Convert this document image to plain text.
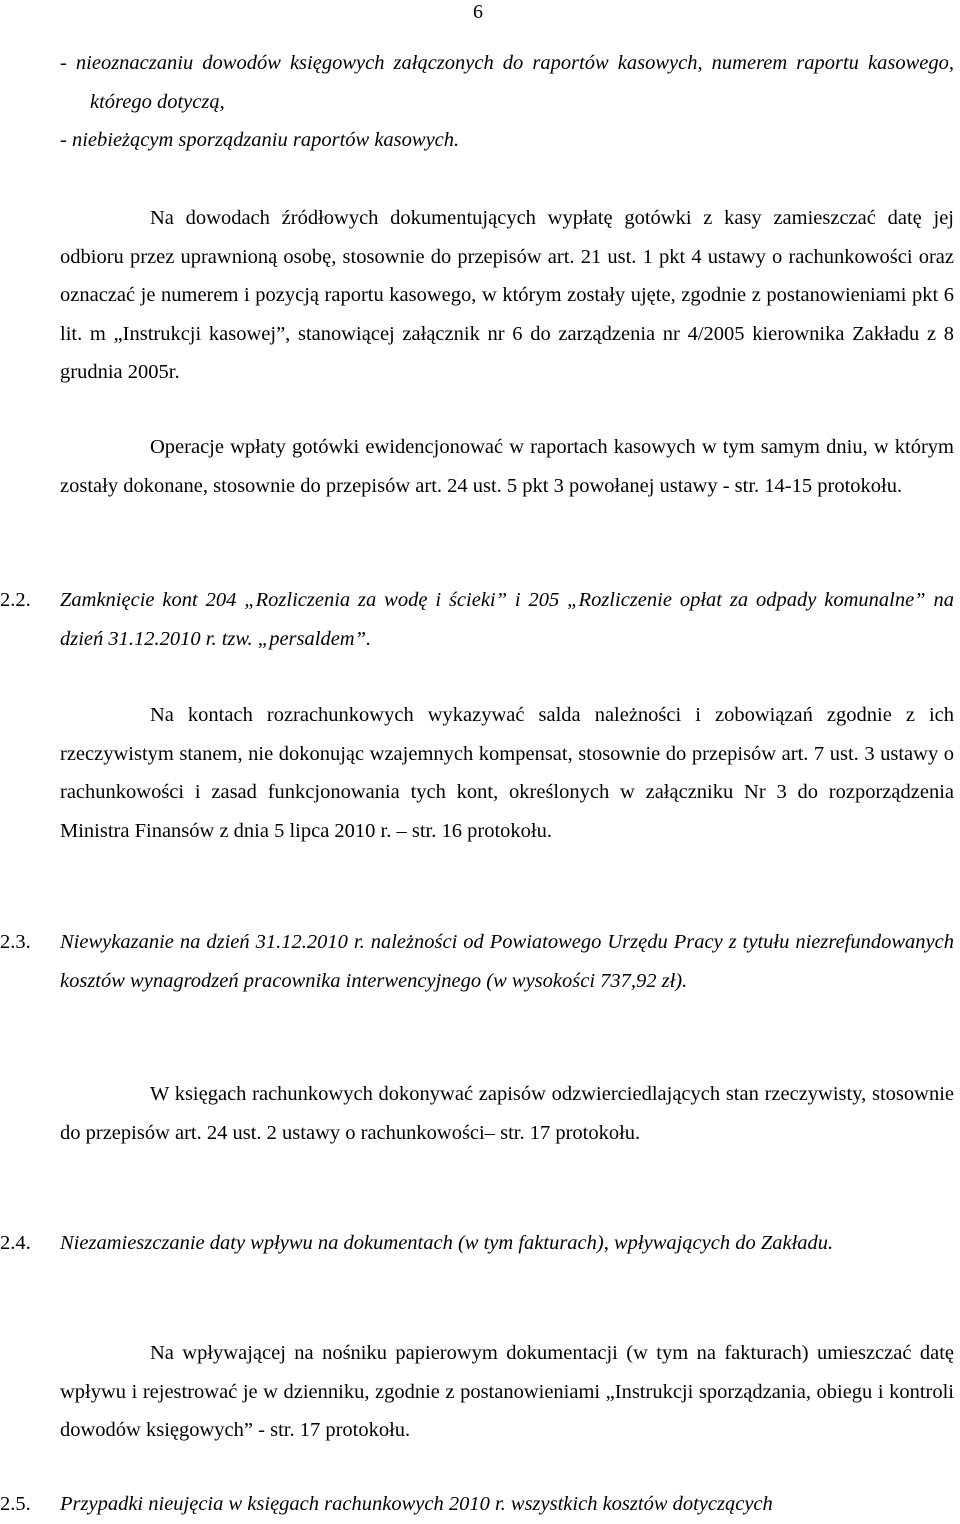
6
- nieoznaczaniu dowodów księgowych załączonych do raportów kasowych, numerem raportu kasowego, którego dotyczą,
- niebieżącym sporządzaniu raportów kasowych.

Na dowodach źródłowych dokumentujących wypłatę gotówki z kasy zamieszczać datę jej odbioru przez uprawnioną osobę, stosownie do przepisów art. 21 ust. 1 pkt 4 ustawy o rachunkowości oraz oznaczać je numerem i pozycją raportu kasowego, w którym zostały ujęte, zgodnie z postanowieniami pkt 6 lit. m „Instrukcji kasowej”, stanowiącej załącznik nr 6 do zarządzenia nr 4/2005 kierownika Zakładu z 8 grudnia 2005r.

Operacje wpłaty gotówki ewidencjonować w raportach kasowych w tym samym dniu, w którym zostały dokonane, stosownie do przepisów art. 24 ust. 5 pkt 3 powołanej ustawy - str. 14-15 protokołu.

2.2. Zamknięcie kont 204 „Rozliczenia za wodę i ścieki” i 205 „Rozliczenie opłat za odpady komunalne” na dzień 31.12.2010 r. tzw. „persaldem”.

Na kontach rozrachunkowych wykazywać salda należności i zobowiązań zgodnie z ich rzeczywistym stanem, nie dokonując wzajemnych kompensat, stosownie do przepisów art. 7 ust. 3 ustawy o rachunkowości i zasad funkcjonowania tych kont, określonych w załączniku Nr 3 do rozporządzenia Ministra Finansów z dnia 5 lipca 2010 r. – str. 16 protokołu.

2.3. Niewykazanie na dzień 31.12.2010 r. należności od Powiatowego Urzędu Pracy z tytułu niezrefundowanych kosztów wynagrodzeń pracownika interwencyjnego (w wysokości 737,92 zł).

W księgach rachunkowych dokonywać zapisów odzwierciedlających stan rzeczywisty, stosownie do przepisów art. 24 ust. 2 ustawy o rachunkowości– str. 17 protokołu.

2.4. Niezamieszczanie daty wpływu na dokumentach (w tym fakturach), wpływających do Zakładu.

Na wpływającej na nośniku papierowym dokumentacji (w tym na fakturach) umieszczać datę wpływu i rejestrować je w dzienniku, zgodnie z postanowieniami „Instrukcji sporządzania, obiegu i kontroli dowodów księgowych” - str. 17 protokołu.

2.5. Przypadki nieujęcia w księgach rachunkowych 2010 r. wszystkich kosztów dotyczących
